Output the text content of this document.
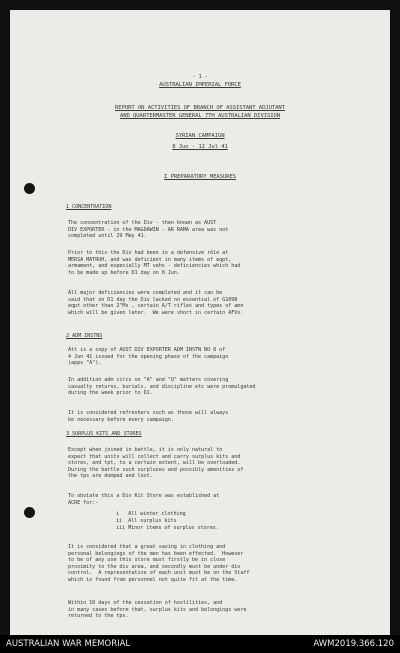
- 1 -
AUSTRALIAN IMPERIAL FORCE
REPORT ON ACTIVITIES OF BRANCH OF ASSISTANT ADJUTANT
AND QUARTERMASTER GENERAL 7TH AUSTRALIAN DIVISION
SYRIAN CAMPAIGN
8 Jun - 12 Jul 41
I PREPARATORY MEASURES
1 CONCENTRATION
The concentration of the Div - then known as AUST
DIV EXPORTER - in the MAGDAWIN - AR RAMA area was not
completed until 29 May 41.
Prior to this the Div had been in a defensive rôle at
MERSA MATRUH, and was deficient in many items of eqpt,
armament, and especially MT vehs - deficiencies which had
to be made up before D1 day on 8 Jun.
All major deficiencies were completed and it can be
said that on D1 day the Div lacked no essential of G1098
eqpt other than 2"Ms , certain A/T rifles and types of amn
which will be given later.  We were short in certain AFVs.
2 ADM INSTNS
Att is a copy of AUST DIV EXPORTER ADM INSTN NO 8 of
4 Jun 41 issued for the opening phase of the campaign
(appx "A").
In addition adm circs on "A" and "Q" matters covering
casualty returns, burials, and discipline etc were promulgated
during the week prior to D1.
It is considered refreshers such as those will always
be necessary before every campaign.
3 SURPLUS KITS AND STORES
Except when joined in battle, it is only natural to
expect that units will collect and carry surplus kits and
stores, and tpt, to a certain extent, will be overloaded.
During the battle such surpluses and possibly amenities of
the tps are dumped and lost.
To obviate this a Div Kit Store was established at
ACRE for:-
i   All winter clothing
ii  All surplus kits
iii Minor items of surplus stores.
It is considered that a great saving in clothing and
personal belongings of the men has been effected.  However
to be of any use this store must firstly be in close
proximity to the div area, and secondly must be under div
control.  A representative of each unit must be on the Staff
which is found from personnel not quite fit at the time.
Within 10 days of the cessation of hostilities, and
in many cases before that, surplus kits and belongings were
returned to the tps.
AUSTRALIAN WAR MEMORIAL	AWM2019.366.120
